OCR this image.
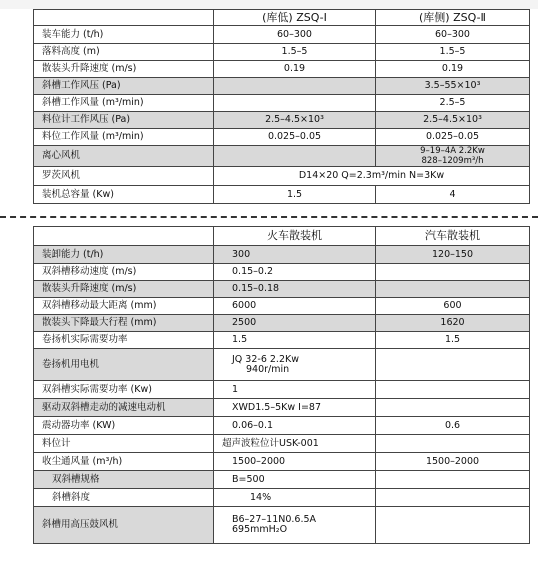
	(库低) ZSQ-Ⅰ	(库侧) ZSQ-Ⅱ
装车能力 (t/h)	60–300	60–300
落料高度 (m)	1.5–5	1.5–5
散装头升降速度 (m/s)	0.19	0.19
斜槽工作风压 (Pa)		3.5–55×10³
斜槽工作风量 (m³/min)		2.5–5
料位计工作风压 (Pa)	2.5–4.5×10³	2.5–4.5×10³
料位工作风量 (m³/min)	0.025–0.05	0.025–0.05
离心风机		9–19–4A 2.2Kw
828–1209m³/h

罗茨风机	D14×20 Q=2.3m³/min N=3Kw	
装机总容量 (Kw)	1.5	4
	火车散装机	汽车散装机
装卸能力 (t/h)	300	120–150
双斜槽移动速度 (m/s)	0.15–0.2	
散装头升降速度 (m/s)	0.15–0.18	
双斜槽移动最大距离 (mm)	6000	600
散装头下降最大行程 (mm)	2500	1620
卷扬机实际需要功率	1.5	1.5
卷扬机用电机	JQ 32-6 2.2Kw
940r/min	

双斜槽实际需要功率 (Kw)	1	
驱动双斜槽走动的减速电动机	XWD1.5–5Kw I=87	
震动器功率 (KW)	0.06–0.1	0.6
料位计	超声波粒位计USK-001	
收尘通风量 (m³/h)	1500–2000	1500–2000
双斜槽规格	B=500	
斜槽斜度	14%	
斜槽用高压鼓风机	B6–27–11N0.6.5A
695mmH₂O	
